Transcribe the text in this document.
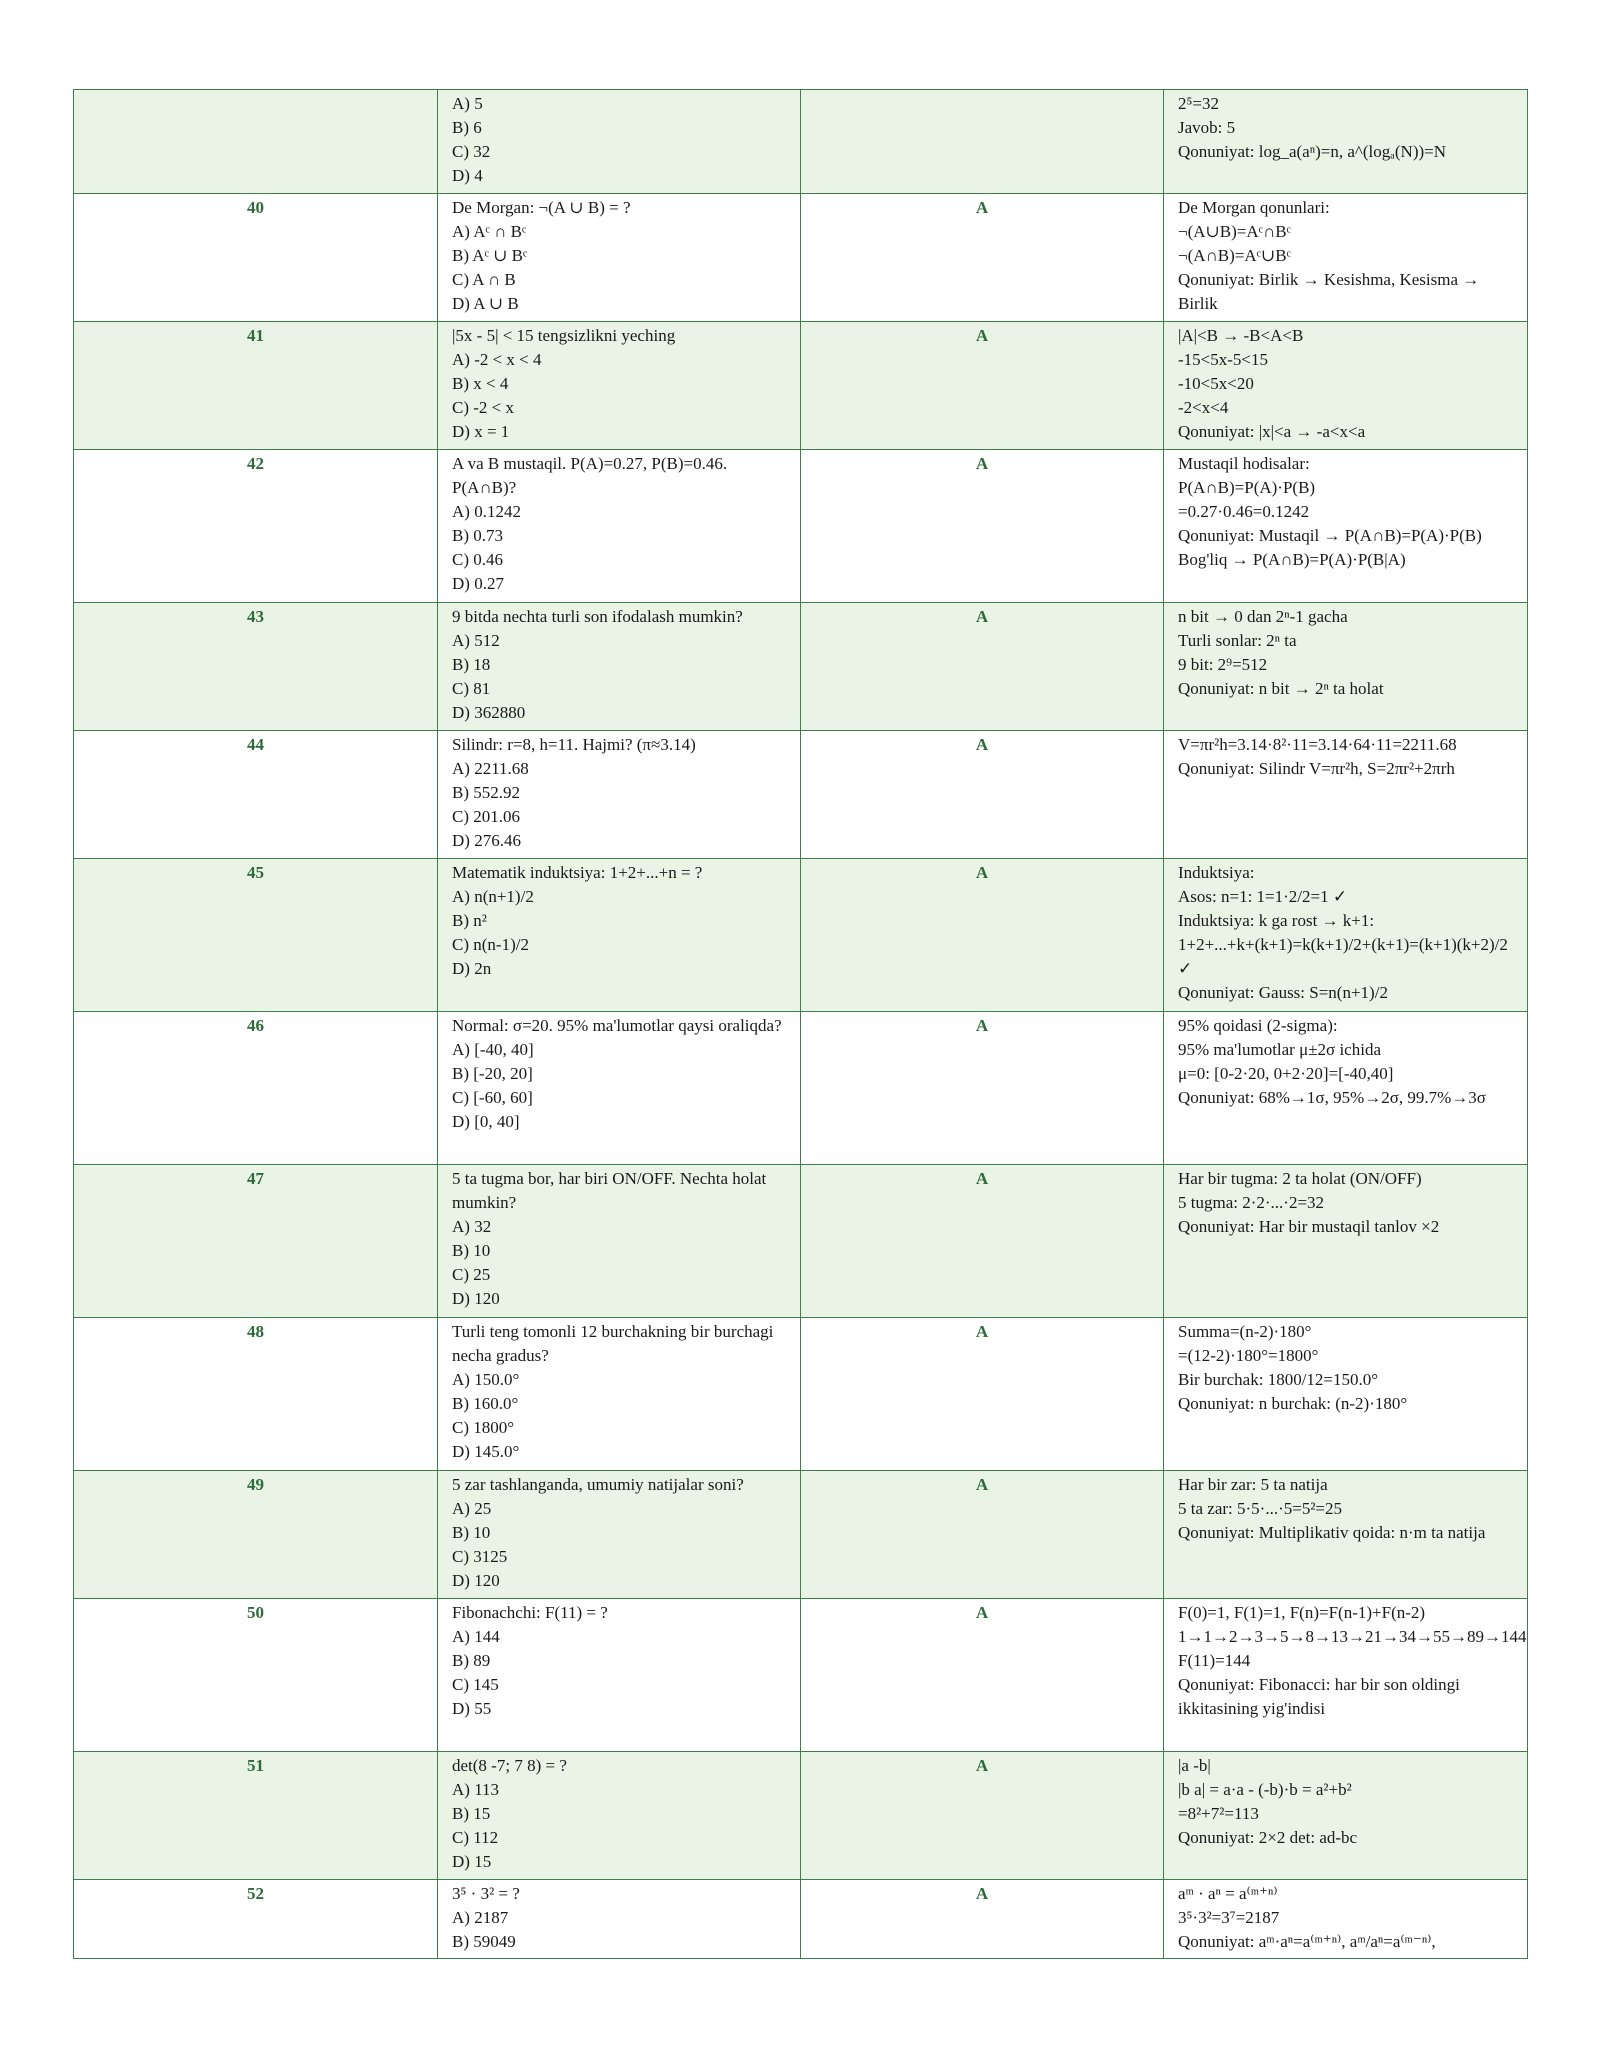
	A) 5
B) 6
C) 32
D) 4		2⁵=32
Javob: 5
Qonuniyat: log_a(aⁿ)=n, a^(logₐ(N))=N

40	De Morgan: ¬(A ∪ B) = ?
A) Aᶜ ∩ Bᶜ
B) Aᶜ ∪ Bᶜ
C) A ∩ B
D) A ∪ B	A	De Morgan qonunlari:
¬(A∪B)=Aᶜ∩Bᶜ
¬(A∩B)=Aᶜ∪Bᶜ
Qonuniyat: Birlik → Kesishma, Kesisma → Birlik

41	|5x - 5| < 15 tengsizlikni yeching
A) -2 < x < 4
B) x < 4
C) -2 < x
D) x = 1	A	|A|<B → -B<A<B
-15<5x-5<15
-10<5x<20
-2<x<4
Qonuniyat: |x|<a → -a<x<a

42	A va B mustaqil. P(A)=0.27, P(B)=0.46. P(A∩B)?
A) 0.1242
B) 0.73
C) 0.46
D) 0.27	A	Mustaqil hodisalar:
P(A∩B)=P(A)·P(B)
=0.27·0.46=0.1242
Qonuniyat: Mustaqil → P(A∩B)=P(A)·P(B)
Bog'liq → P(A∩B)=P(A)·P(B|A)

43	9 bitda nechta turli son ifodalash mumkin?
A) 512
B) 18
C) 81
D) 362880	A	n bit → 0 dan 2ⁿ-1 gacha
Turli sonlar: 2ⁿ ta
9 bit: 2⁹=512
Qonuniyat: n bit → 2ⁿ ta holat

44	Silindr: r=8, h=11. Hajmi? (π≈3.14)
A) 2211.68
B) 552.92
C) 201.06
D) 276.46	A	V=πr²h=3.14·8²·11=3.14·64·11=2211.68
Qonuniyat: Silindr V=πr²h, S=2πr²+2πrh

45	Matematik induktsiya: 1+2+...+n = ?
A) n(n+1)/2
B) n²
C) n(n-1)/2
D) 2n	A	Induktsiya:
Asos: n=1: 1=1·2/2=1 ✓
Induktsiya: k ga rost → k+1:
1+2+...+k+(k+1)=k(k+1)/2+(k+1)=(k+1)(k+2)/2 ✓
Qonuniyat: Gauss: S=n(n+1)/2

46	Normal: σ=20. 95% ma'lumotlar qaysi oraliqda?
A) [-40, 40]
B) [-20, 20]
C) [-60, 60]
D) [0, 40]	A	95% qoidasi (2-sigma):
95% ma'lumotlar μ±2σ ichida
μ=0: [0-2·20, 0+2·20]=[-40,40]
Qonuniyat: 68%→1σ, 95%→2σ, 99.7%→3σ

47	5 ta tugma bor, har biri ON/OFF. Nechta holat mumkin?
A) 32
B) 10
C) 25
D) 120	A	Har bir tugma: 2 ta holat (ON/OFF)
5 tugma: 2·2·...·2=32
Qonuniyat: Har bir mustaqil tanlov ×2

48	Turli teng tomonli 12 burchakning bir burchagi necha gradus?
A) 150.0°
B) 160.0°
C) 1800°
D) 145.0°	A	Summa=(n-2)·180°
=(12-2)·180°=1800°
Bir burchak: 1800/12=150.0°
Qonuniyat: n burchak: (n-2)·180°

49	5 zar tashlanganda, umumiy natijalar soni?
A) 25
B) 10
C) 3125
D) 120	A	Har bir zar: 5 ta natija
5 ta zar: 5·5·...·5=5²=25
Qonuniyat: Multiplikativ qoida: n·m ta natija

50	Fibonachchi: F(11) = ?
A) 144
B) 89
C) 145
D) 55	A	F(0)=1, F(1)=1, F(n)=F(n-1)+F(n-2)
1→1→2→3→5→8→13→21→34→55→89→144
F(11)=144
Qonuniyat: Fibonacci: har bir son oldingi ikkitasining yig'indisi

51	det(8 -7; 7 8) = ?
A) 113
B) 15
C) 112
D) 15	A	|a -b|
|b a| = a·a - (-b)·b = a²+b²
=8²+7²=113
Qonuniyat: 2×2 det: ad-bc

52	3⁵ · 3² = ?
A) 2187
B) 59049	A	aᵐ · aⁿ = a⁽ᵐ⁺ⁿ⁾
3⁵·3²=3⁷=2187
Qonuniyat: aᵐ·aⁿ=a⁽ᵐ⁺ⁿ⁾, aᵐ/aⁿ=a⁽ᵐ⁻ⁿ⁾,
